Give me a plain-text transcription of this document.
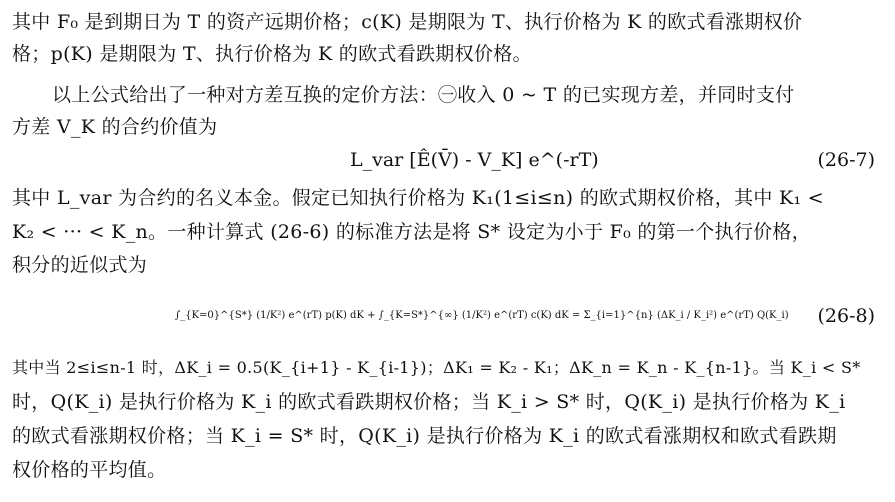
其中 F₀ 是到期日为 T 的资产远期价格；c(K) 是期限为 T、执行价格为 K 的欧式看涨期权价
格；p(K) 是期限为 T、执行价格为 K 的欧式看跌期权价格。
以上公式给出了一种对方差互换的定价方法：㊀收入 0 ~ T 的已实现方差，并同时支付
方差 V_K 的合约价值为
L_var [Ê(V̄) - V_K] e^(-rT)	(26-7)
其中 L_var 为合约的名义本金。假定已知执行价格为 K₁(1≤i≤n) 的欧式期权价格，其中 K₁ <
K₂ < ··· < K_n。一种计算式 (26-6) 的标准方法是将 S* 设定为小于 F₀ 的第一个执行价格，
积分的近似式为
∫_{K=0}^{S*} (1/K²) e^(rT) p(K) dK + ∫_{K=S*}^{∞} (1/K²) e^(rT) c(K) dK = Σ_{i=1}^{n} (ΔK_i / K_i²) e^(rT) Q(K_i) (26-8)
其中当 2≤i≤n-1 时，ΔK_i = 0.5(K_{i+1} - K_{i-1})；ΔK₁ = K₂ - K₁；ΔK_n = K_n - K_{n-1}。当 K_i < S*
时，Q(K_i) 是执行价格为 K_i 的欧式看跌期权价格；当 K_i > S* 时，Q(K_i) 是执行价格为 K_i
的欧式看涨期权价格；当 K_i = S* 时，Q(K_i) 是执行价格为 K_i 的欧式看涨期权和欧式看跌期
权价格的平均值。
